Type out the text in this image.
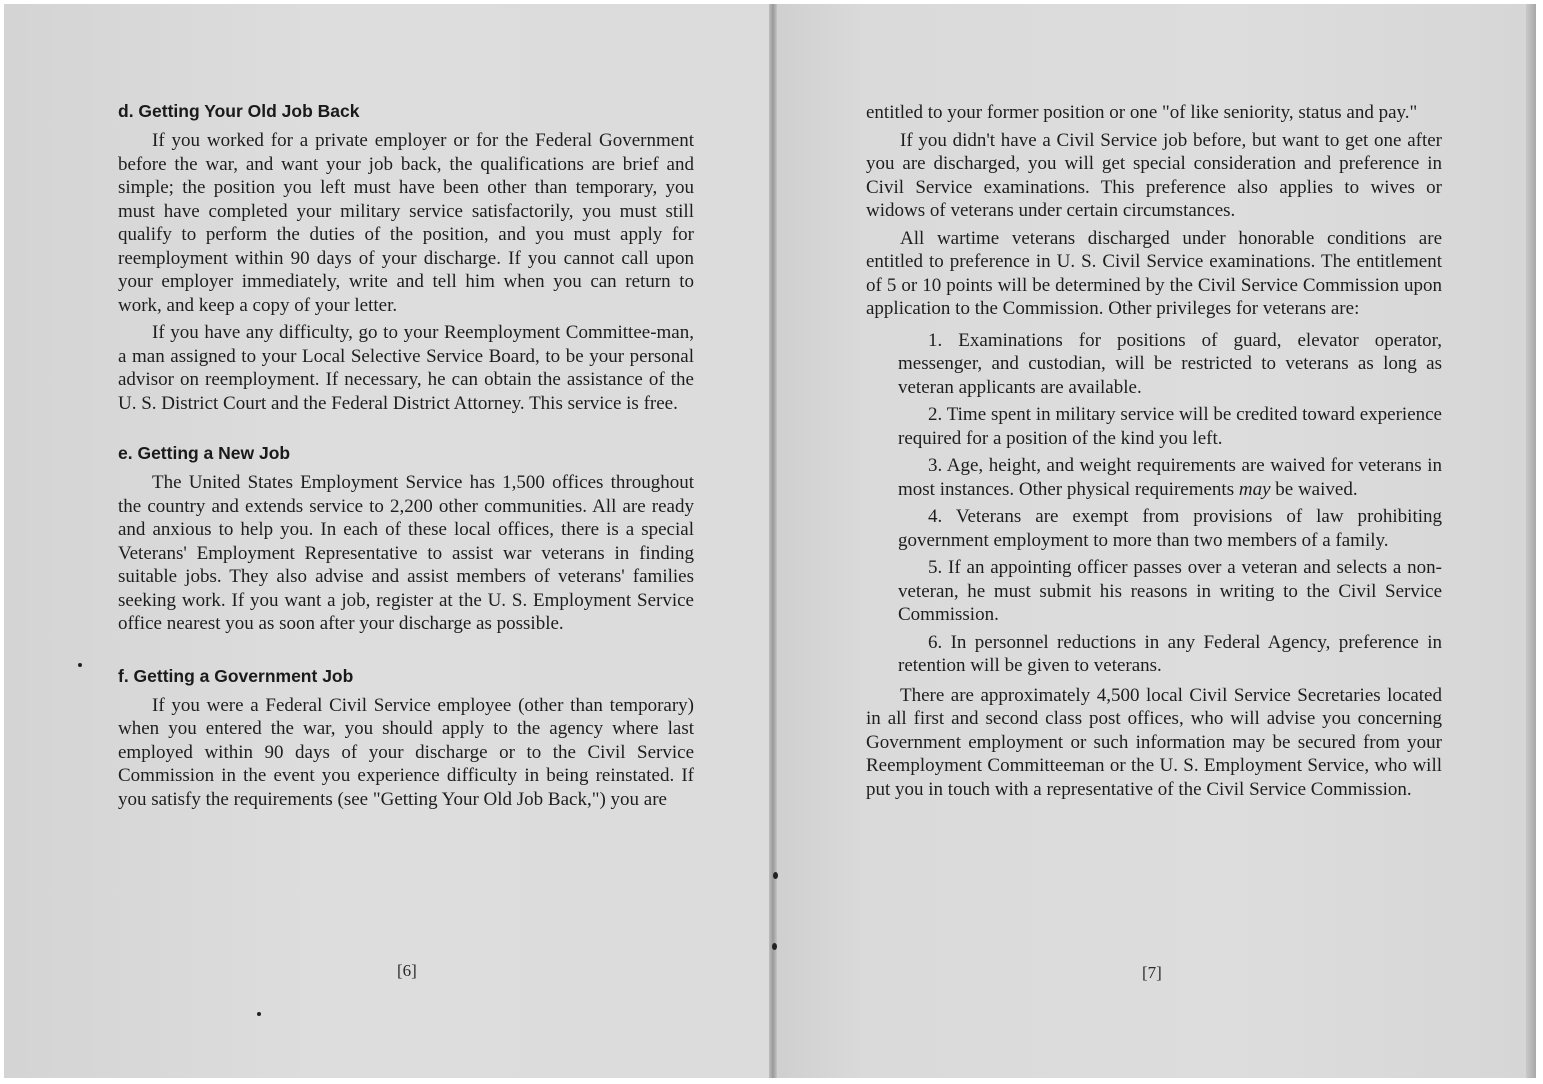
d. Getting Your Old Job Back

If you worked for a private employer or for the Federal Government before the war, and want your job back, the qualifications are brief and simple; the position you left must have been other than temporary, you must have completed your military service satisfactorily, you must still qualify to perform the duties of the position, and you must apply for reemployment within 90 days of your discharge. If you cannot call upon your employer immediately, write and tell him when you can return to work, and keep a copy of your letter.

If you have any difficulty, go to your Reemployment Committee-man, a man assigned to your Local Selective Service Board, to be your personal advisor on reemployment. If necessary, he can obtain the assistance of the U. S. District Court and the Federal District Attorney. This service is free.

e. Getting a New Job

The United States Employment Service has 1,500 offices throughout the country and extends service to 2,200 other communities. All are ready and anxious to help you. In each of these local offices, there is a special Veterans' Employment Representative to assist war veterans in finding suitable jobs. They also advise and assist members of veterans' families seeking work. If you want a job, register at the U. S. Employment Service office nearest you as soon after your discharge as possible.

f. Getting a Government Job

If you were a Federal Civil Service employee (other than temporary) when you entered the war, you should apply to the agency where last employed within 90 days of your discharge or to the Civil Service Commission in the event you experience difficulty in being reinstated. If you satisfy the requirements (see "Getting Your Old Job Back,") you are

[6]

entitled to your former position or one "of like seniority, status and pay."

If you didn't have a Civil Service job before, but want to get one after you are discharged, you will get special consideration and preference in Civil Service examinations. This preference also applies to wives or widows of veterans under certain circumstances.

All wartime veterans discharged under honorable conditions are entitled to preference in U. S. Civil Service examinations. The entitlement of 5 or 10 points will be determined by the Civil Service Commission upon application to the Commission. Other privileges for veterans are:

1. Examinations for positions of guard, elevator operator, messenger, and custodian, will be restricted to veterans as long as veteran applicants are available.

2. Time spent in military service will be credited toward experience required for a position of the kind you left.

3. Age, height, and weight requirements are waived for veterans in most instances. Other physical requirements may be waived.

4. Veterans are exempt from provisions of law prohibiting government employment to more than two members of a family.

5. If an appointing officer passes over a veteran and selects a non-veteran, he must submit his reasons in writing to the Civil Service Commission.

6. In personnel reductions in any Federal Agency, preference in retention will be given to veterans.

There are approximately 4,500 local Civil Service Secretaries located in all first and second class post offices, who will advise you concerning Government employment or such information may be secured from your Reemployment Committeeman or the U. S. Employment Service, who will put you in touch with a representative of the Civil Service Commission.

[7]
